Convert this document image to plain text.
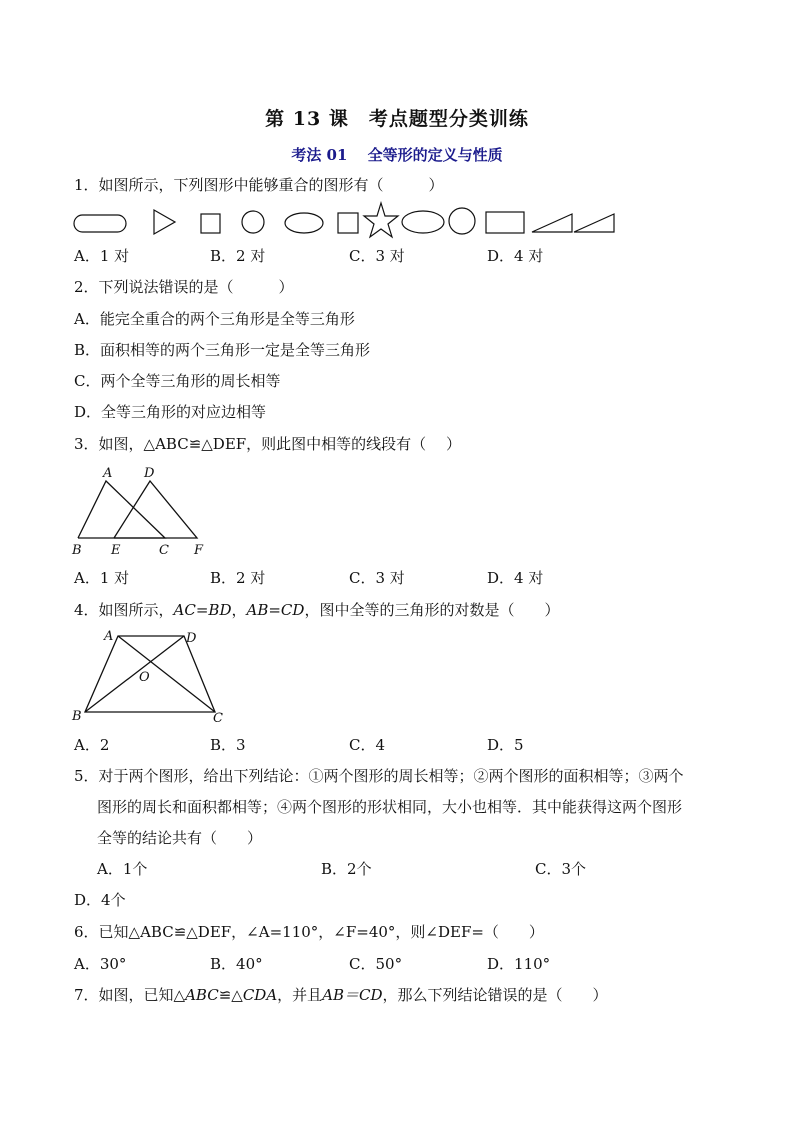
第 13 课　考点题型分类训练
考法 01　 全等形的定义与性质
1．如图所示，下列图形中能够重合的图形有（　　　）
A．1 对	B．2 对	C．3 对	D．4 对
2．下列说法错误的是（　　　）
A．能完全重合的两个三角形是全等三角形
B．面积相等的两个三角形一定是全等三角形
C．两个全等三角形的周长相等
D．全等三角形的对应边相等
3．如图，△ABC≌△DEF，则此图中相等的线段有（　 ）
A D
B E	C F
A．1 对	B．2 对	C．3 对	D．4 对
4．如图所示，AC=BD，AB=CD，图中全等的三角形的对数是（　　）
A	D
O
B	C
A．2	B．3	C．4	D．5
5．对于两个图形，给出下列结论：①两个图形的周长相等；②两个图形的面积相等；③两个
图形的周长和面积都相等；④两个图形的形状相同，大小也相等．其中能获得这两个图形
全等的结论共有（　　）
A．1个	B．2个	C．3个
D．4个
6．已知△ABC≌△DEF，∠A=110°，∠F=40°，则∠DEF=（　　）
A．30°	B．40°	C．50°	D．110°
7．如图，已知△ABC≌△CDA，并且AB＝CD，那么下列结论错误的是（　　）
